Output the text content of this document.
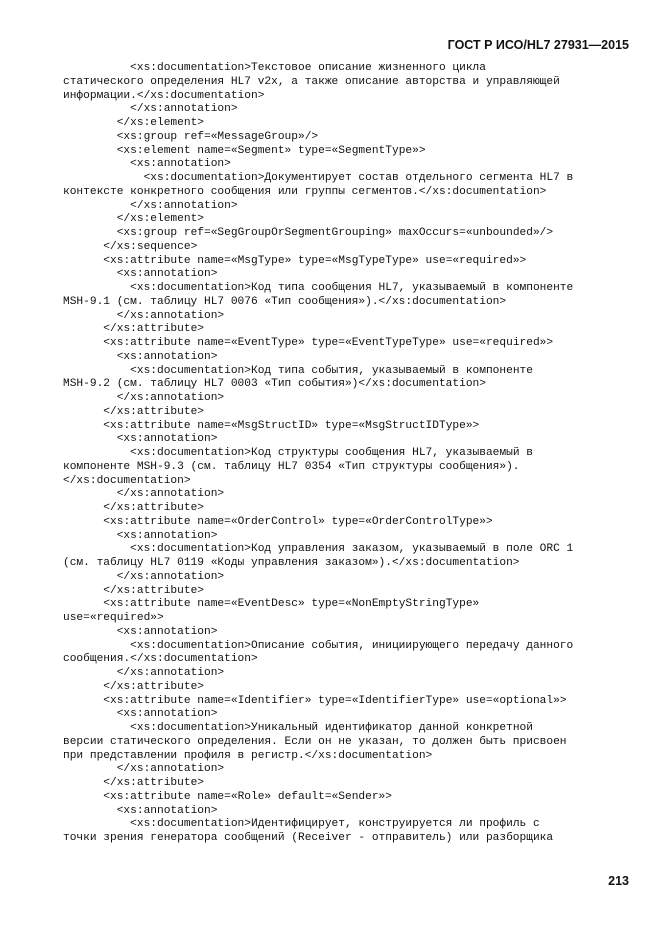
ГОСТ Р ИСО/HL7 27931—2015
<xs:documentation>Текстовое описание жизненного цикла
статического определения HL7 v2x, а также описание авторства и управляющей
информации.</xs:documentation>
</xs:annotation>
</xs:element>
<xs:group ref=«MessageGroup»/>
<xs:element name=«Segment» type=«SegmentType»>
<xs:annotation>
<xs:documentation>Документирует состав отдельного сегмента HL7 в
контексте конкретного сообщения или группы сегментов.</xs:documentation>
</xs:annotation>
</xs:element>
<xs:group ref=«SegGroupOrSegmentGrouping» maxOccurs=«unbounded»/>
</xs:sequence>
<xs:attribute name=«MsgType» type=«MsgTypeType» use=«required»>
<xs:annotation>
<xs:documentation>Код типа сообщения HL7, указываемый в компоненте
MSH-9.1 (см. таблицу HL7 0076 «Тип сообщения»).</xs:documentation>
</xs:annotation>
</xs:attribute>
<xs:attribute name=«EventType» type=«EventTypeType» use=«required»>
<xs:annotation>
<xs:documentation>Код типа события, указываемый в компоненте
MSH-9.2 (см. таблицу HL7 0003 «Тип события»)</xs:documentation>
</xs:annotation>
</xs:attribute>
<xs:attribute name=«MsgStructID» type=«MsgStructIDType»>
<xs:annotation>
<xs:documentation>Код структуры сообщения HL7, указываемый в
компоненте MSH-9.3 (см. таблицу HL7 0354 «Тип структуры сообщения»).
</xs:documentation>
</xs:annotation>
</xs:attribute>
<xs:attribute name=«OrderControl» type=«OrderControlType»>
<xs:annotation>
<xs:documentation>Код управления заказом, указываемый в поле ORC 1
(см. таблицу HL7 0119 «Коды управления заказом»).</xs:documentation>
</xs:annotation>
</xs:attribute>
<xs:attribute name=«EventDesc» type=«NonEmptyStringType»
use=«required»>
<xs:annotation>
<xs:documentation>Описание события, инициирующего передачу данного
сообщения.</xs:documentation>
</xs:annotation>
</xs:attribute>
<xs:attribute name=«Identifier» type=«IdentifierType» use=«optional»>
<xs:annotation>
<xs:documentation>Уникальный идентификатор данной конкретной
версии статического определения. Если он не указан, то должен быть присвоен
при представлении профиля в регистр.</xs:documentation>
</xs:annotation>
</xs:attribute>
<xs:attribute name=«Role» default=«Sender»>
<xs:annotation>
<xs:documentation>Идентифицирует, конструируется ли профиль с
точки зрения генератора сообщений (Receiver - отправитель) или разборщика
213
